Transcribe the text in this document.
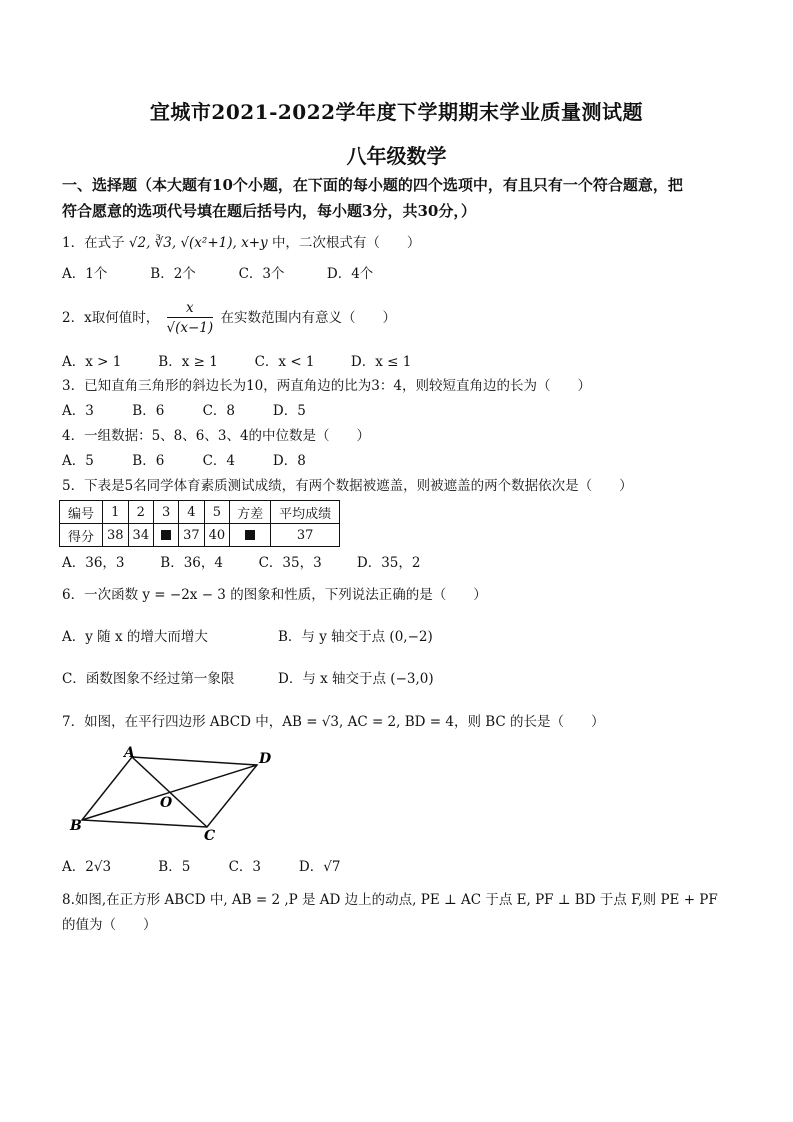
宜城市2021-2022学年度下学期期末学业质量测试题
八年级数学
一、选择题（本大题有10个小题，在下面的每小题的四个选项中，有且只有一个符合题意，把
符合愿意的选项代号填在题后括号内，每小题3分，共30分，）
1．在式子 √2, ∛3, √(x²+1), x+y 中，二次根式有（　　）
A．1个	B．2个	C．3个	D．4个
2．x取何值时， $\frac{x}{√(x-1)}$ 在实数范围内有意义（　　）
A．x > 1	B．x ≥ 1	C．x < 1	D．x ≤ 1
3．已知直角三角形的斜边长为10，两直角边的比为3：4，则较短直角边的长为（　　）
A．3	B．6	C．8	D．5
4．一组数据：5、8、6、3、4的中位数是（　　）
A．5	B．6	C．4	D．8
5．下表是5名同学体育素质测试成绩，有两个数据被遮盖，则被遮盖的两个数据依次是（　　）
编号	1	2	3	4	5	方差	平均成绩
得分	38	34		37	40		37
A．36，3	B．36，4	C．35，3	D．35，2
6．一次函数 y = −2x − 3 的图象和性质，下列说法正确的是（　　）
A．y 随 x 的增大而增大	B．与 y 轴交于点 (0,−2)
C．函数图象不经过第一象限	D．与 x 轴交于点 (−3,0)
7．如图，在平行四边形 ABCD 中，AB = √3, AC = 2, BD = 4，则 BC 的长是（　　）
A
B
C
D
O
A．2√3	B．5	C．3	D．√7
8.如图,在正方形 ABCD 中, AB = 2 ,P 是 AD 边上的动点, PE ⊥ AC 于点 E, PF ⊥ BD 于点 F,则 PE + PF
的值为（　　）
